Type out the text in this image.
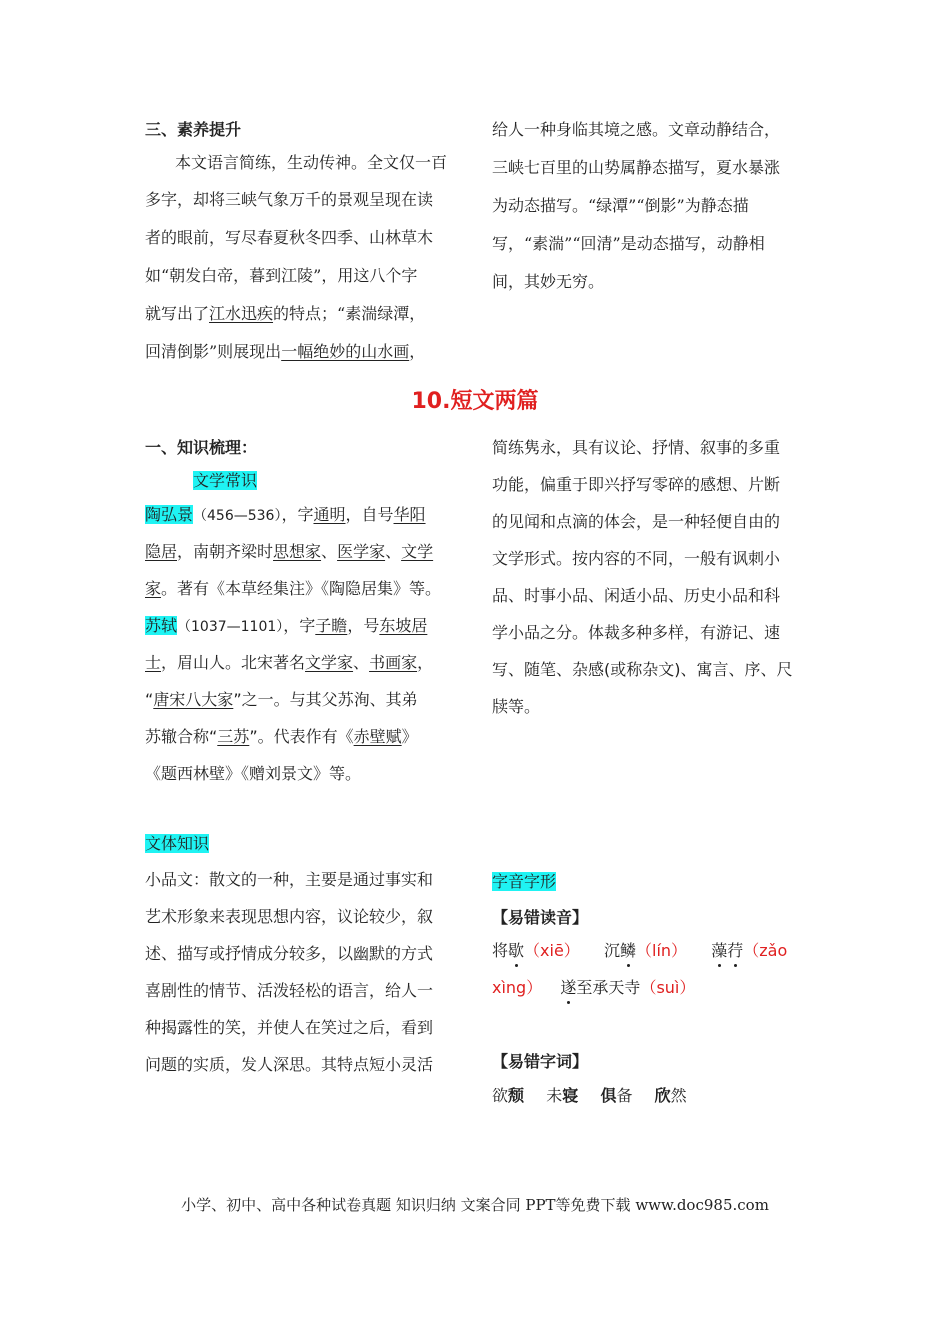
三、素养提升
本文语言简练，生动传神。全文仅一百
多字，却将三峡气象万千的景观呈现在读
者的眼前，写尽春夏秋冬四季、山林草木
如“朝发白帝，暮到江陵”，用这八个字
就写出了江水迅疾的特点；“素湍绿潭，
回清倒影”则展现出一幅绝妙的山水画，
给人一种身临其境之感。文章动静结合，
三峡七百里的山势属静态描写，夏水暴涨
为动态描写。“绿潭”“倒影”为静态描
写，“素湍”“回清”是动态描写，动静相
间，其妙无穷。
10.短文两篇
一、知识梳理：
文学常识
陶弘景（456—536），字通明，自号华阳
隐居，南朝齐梁时思想家、医学家、文学
家。著有《本草经集注》《陶隐居集》等。
苏轼（1037—1101），字子瞻，号东坡居
士，眉山人。北宋著名文学家、书画家，
“唐宋八大家”之一。与其父苏洵、其弟
苏辙合称“三苏”。代表作有《赤壁赋》
《题西林壁》《赠刘景文》等。
简练隽永，具有议论、抒情、叙事的多重
功能，偏重于即兴抒写零碎的感想、片断
的见闻和点滴的体会，是一种轻便自由的
文学形式。按内容的不同，一般有讽刺小
品、时事小品、闲适小品、历史小品和科
学小品之分。体裁多种多样，有游记、速
写、随笔、杂感(或称杂文)、寓言、序、尺
牍等。
文体知识
小品文：散文的一种，主要是通过事实和
艺术形象来表现思想内容，议论较少，叙
述、描写或抒情成分较多，以幽默的方式
喜剧性的情节、活泼轻松的语言，给人一
种揭露性的笑，并使人在笑过之后，看到
问题的实质，发人深思。其特点短小灵活
字音字形
【易错读音】
将歇（xiē） 沉鳞（lín） 藻荇（zǎo
xìng） 遂至承天寺（suì）
【易错字词】
欲颓 未寝 俱备 欣然
小学、初中、高中各种试卷真题 知识归纳 文案合同 PPT等免费下载 www.doc985.com
